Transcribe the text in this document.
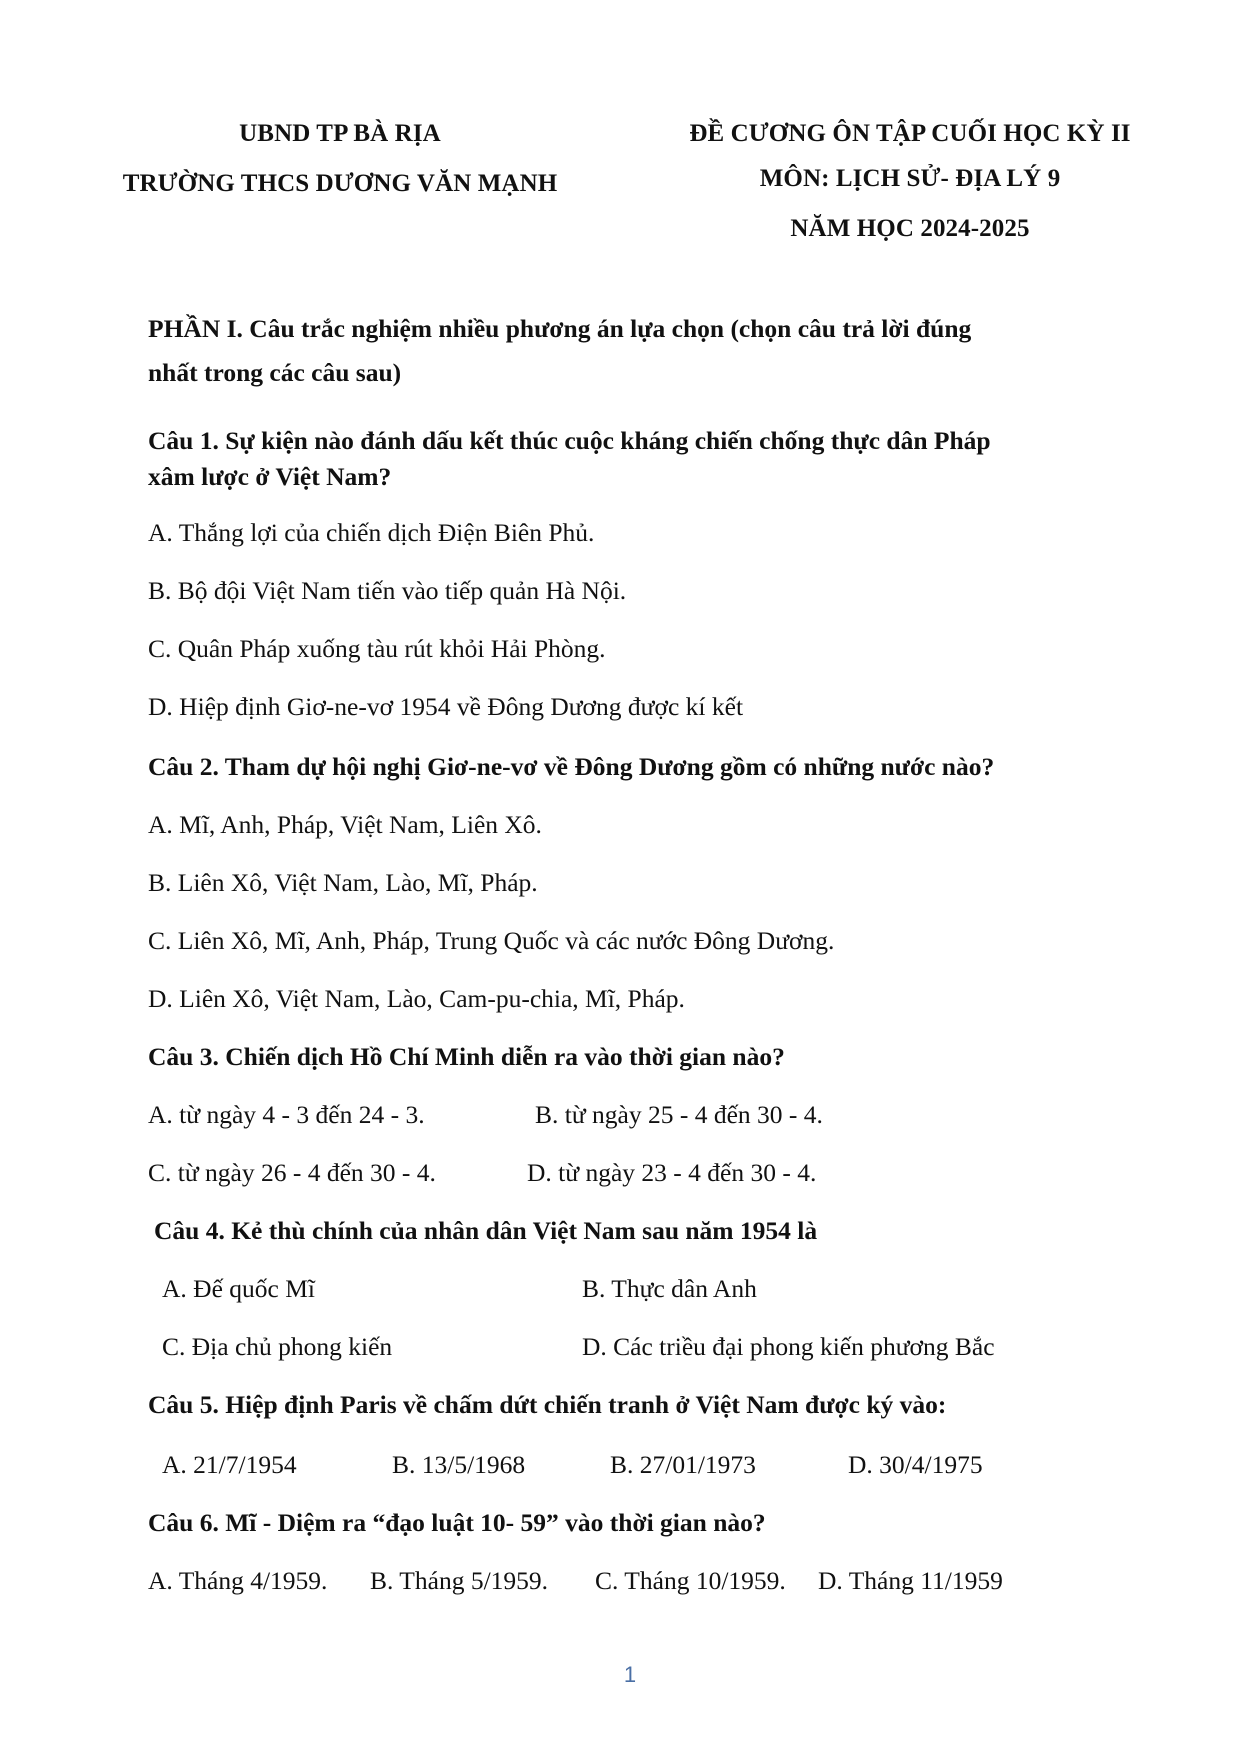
UBND TP BÀ RỊA
TRƯỜNG THCS DƯƠNG VĂN MẠNH
ĐỀ CƯƠNG ÔN TẬP CUỐI HỌC KỲ II
MÔN: LỊCH SỬ- ĐỊA LÝ 9
NĂM HỌC 2024-2025
PHẦN I. Câu trắc nghiệm nhiều phương án lựa chọn (chọn câu trả lời đúng
nhất trong các câu sau)
Câu 1. Sự kiện nào đánh dấu kết thúc cuộc kháng chiến chống thực dân Pháp
xâm lược ở Việt Nam?
A. Thắng lợi của chiến dịch Điện Biên Phủ.
B. Bộ đội Việt Nam tiến vào tiếp quản Hà Nội.
C. Quân Pháp xuống tàu rút khỏi Hải Phòng.
D. Hiệp định Giơ-ne-vơ 1954 về Đông Dương được kí kết
Câu 2. Tham dự hội nghị Giơ-ne-vơ về Đông Dương gồm có những nước nào?
A. Mĩ, Anh, Pháp, Việt Nam, Liên Xô.
B. Liên Xô, Việt Nam, Lào, Mĩ, Pháp.
C. Liên Xô, Mĩ, Anh, Pháp, Trung Quốc và các nước Đông Dương.
D. Liên Xô, Việt Nam, Lào, Cam-pu-chia, Mĩ, Pháp.
Câu 3. Chiến dịch Hồ Chí Minh diễn ra vào thời gian nào?
A. từ ngày 4 - 3 đến 24 - 3.	B. từ ngày 25 - 4 đến 30 - 4.
C. từ ngày 26 - 4 đến 30 - 4.	D. từ ngày 23 - 4 đến 30 - 4.
Câu 4. Kẻ thù chính của nhân dân Việt Nam sau năm 1954 là
A. Đế quốc Mĩ	B. Thực dân Anh
C. Địa chủ phong kiến	D. Các triều đại phong kiến phương Bắc
Câu 5. Hiệp định Paris về chấm dứt chiến tranh ở Việt Nam được ký vào:
A. 21/7/1954	B. 13/5/1968	B. 27/01/1973	D. 30/4/1975
Câu 6. Mĩ - Diệm ra “đạo luật 10- 59” vào thời gian nào?
A. Tháng 4/1959. B. Tháng 5/1959. C. Tháng 10/1959. D. Tháng 11/1959
1
